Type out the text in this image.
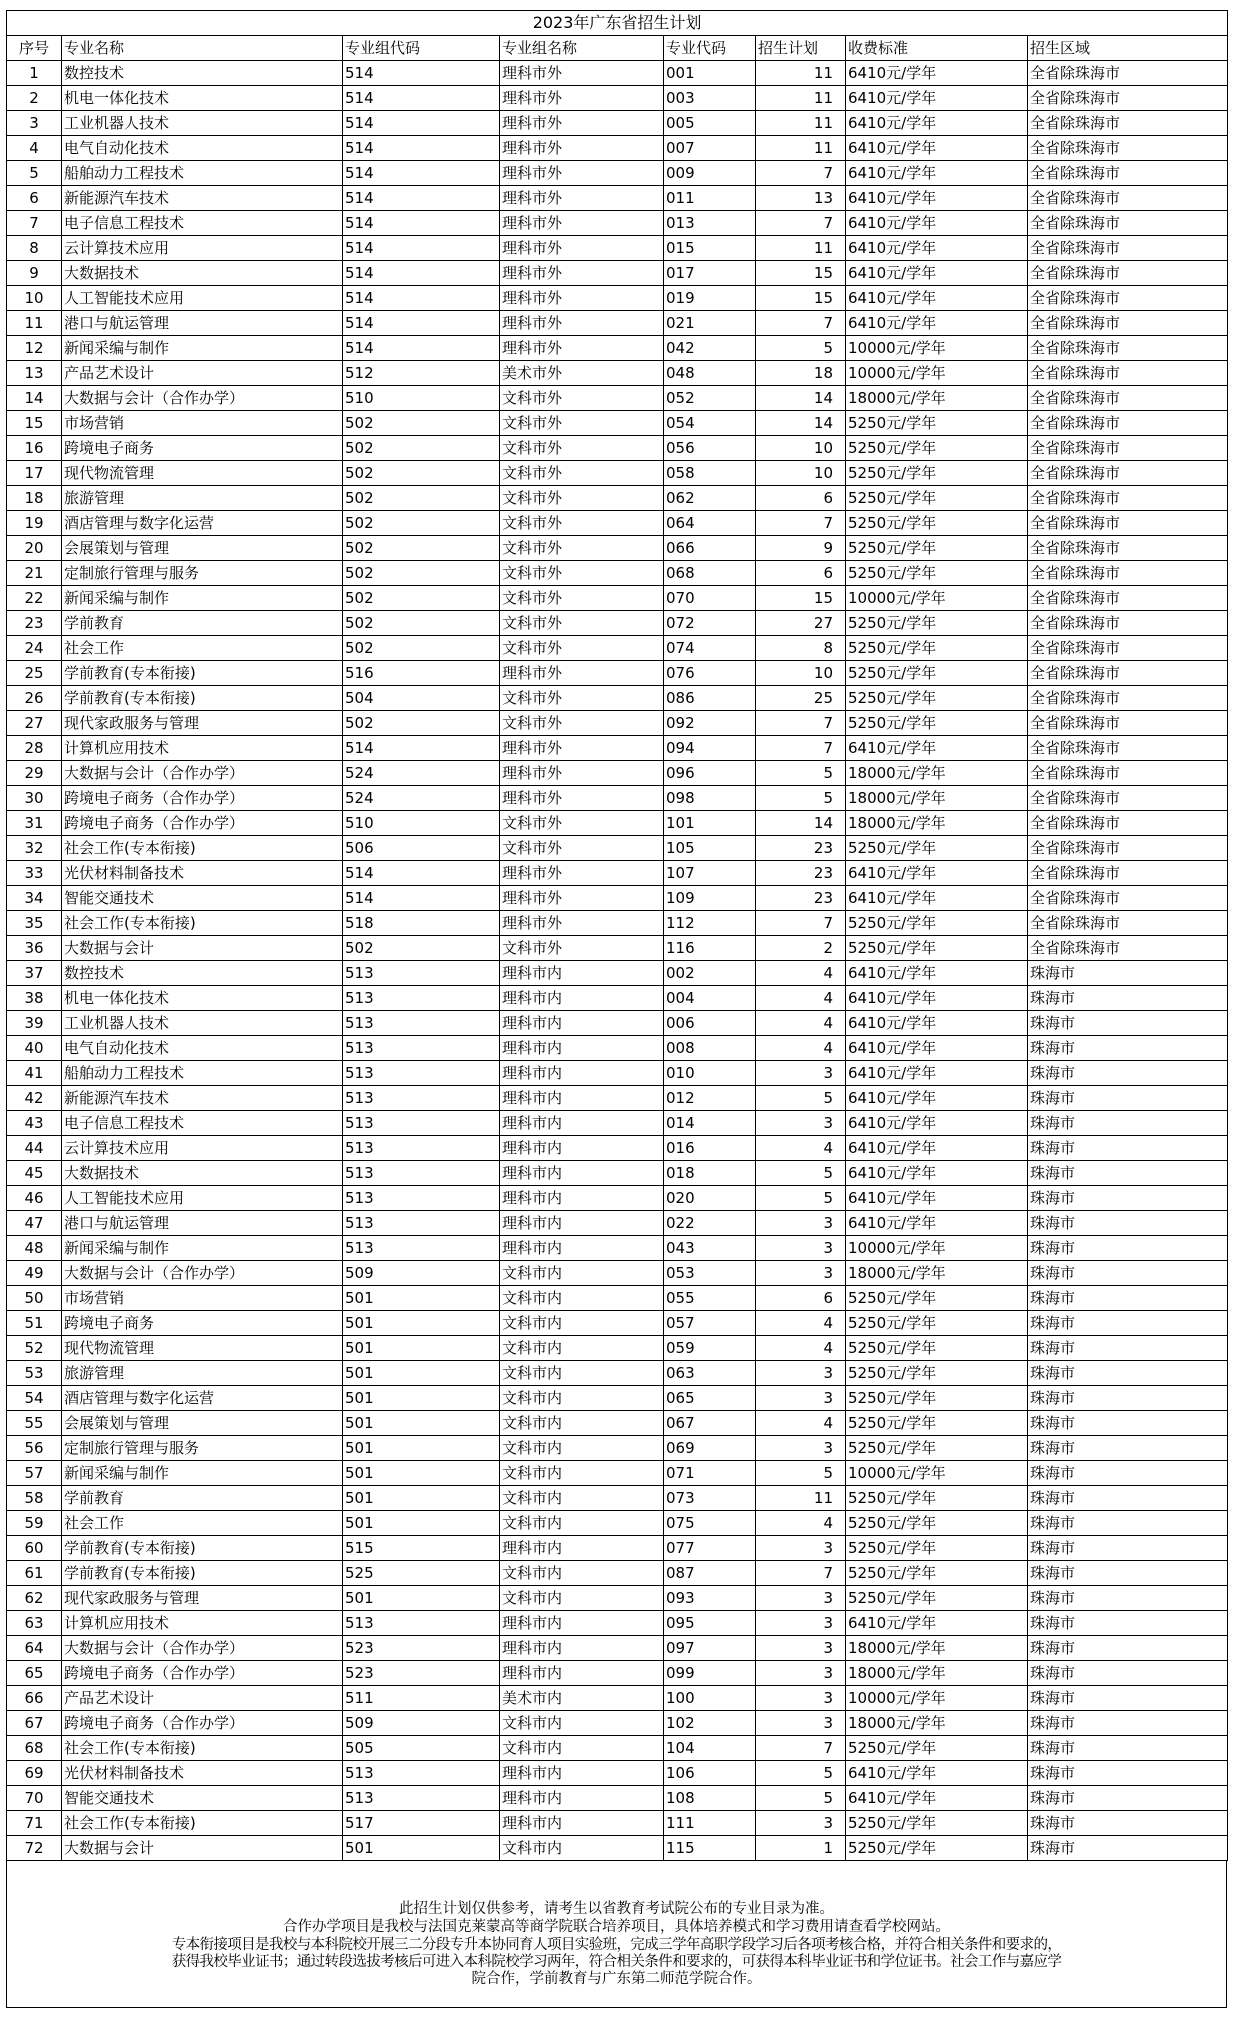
2023年广东省招生计划							
序号	专业名称	专业组代码	专业组名称	专业代码	招生计划	收费标准	招生区域
1	数控技术	514	理科市外	001	11	6410元/学年	全省除珠海市
2	机电一体化技术	514	理科市外	003	11	6410元/学年	全省除珠海市
3	工业机器人技术	514	理科市外	005	11	6410元/学年	全省除珠海市
4	电气自动化技术	514	理科市外	007	11	6410元/学年	全省除珠海市
5	船舶动力工程技术	514	理科市外	009	7	6410元/学年	全省除珠海市
6	新能源汽车技术	514	理科市外	011	13	6410元/学年	全省除珠海市
7	电子信息工程技术	514	理科市外	013	7	6410元/学年	全省除珠海市
8	云计算技术应用	514	理科市外	015	11	6410元/学年	全省除珠海市
9	大数据技术	514	理科市外	017	15	6410元/学年	全省除珠海市
10	人工智能技术应用	514	理科市外	019	15	6410元/学年	全省除珠海市
11	港口与航运管理	514	理科市外	021	7	6410元/学年	全省除珠海市
12	新闻采编与制作	514	理科市外	042	5	10000元/学年	全省除珠海市
13	产品艺术设计	512	美术市外	048	18	10000元/学年	全省除珠海市
14	大数据与会计（合作办学）	510	文科市外	052	14	18000元/学年	全省除珠海市
15	市场营销	502	文科市外	054	14	5250元/学年	全省除珠海市
16	跨境电子商务	502	文科市外	056	10	5250元/学年	全省除珠海市
17	现代物流管理	502	文科市外	058	10	5250元/学年	全省除珠海市
18	旅游管理	502	文科市外	062	6	5250元/学年	全省除珠海市
19	酒店管理与数字化运营	502	文科市外	064	7	5250元/学年	全省除珠海市
20	会展策划与管理	502	文科市外	066	9	5250元/学年	全省除珠海市
21	定制旅行管理与服务	502	文科市外	068	6	5250元/学年	全省除珠海市
22	新闻采编与制作	502	文科市外	070	15	10000元/学年	全省除珠海市
23	学前教育	502	文科市外	072	27	5250元/学年	全省除珠海市
24	社会工作	502	文科市外	074	8	5250元/学年	全省除珠海市
25	学前教育(专本衔接)	516	理科市外	076	10	5250元/学年	全省除珠海市
26	学前教育(专本衔接)	504	文科市外	086	25	5250元/学年	全省除珠海市
27	现代家政服务与管理	502	文科市外	092	7	5250元/学年	全省除珠海市
28	计算机应用技术	514	理科市外	094	7	6410元/学年	全省除珠海市
29	大数据与会计（合作办学）	524	理科市外	096	5	18000元/学年	全省除珠海市
30	跨境电子商务（合作办学）	524	理科市外	098	5	18000元/学年	全省除珠海市
31	跨境电子商务（合作办学）	510	文科市外	101	14	18000元/学年	全省除珠海市
32	社会工作(专本衔接)	506	文科市外	105	23	5250元/学年	全省除珠海市
33	光伏材料制备技术	514	理科市外	107	23	6410元/学年	全省除珠海市
34	智能交通技术	514	理科市外	109	23	6410元/学年	全省除珠海市
35	社会工作(专本衔接)	518	理科市外	112	7	5250元/学年	全省除珠海市
36	大数据与会计	502	文科市外	116	2	5250元/学年	全省除珠海市
37	数控技术	513	理科市内	002	4	6410元/学年	珠海市
38	机电一体化技术	513	理科市内	004	4	6410元/学年	珠海市
39	工业机器人技术	513	理科市内	006	4	6410元/学年	珠海市
40	电气自动化技术	513	理科市内	008	4	6410元/学年	珠海市
41	船舶动力工程技术	513	理科市内	010	3	6410元/学年	珠海市
42	新能源汽车技术	513	理科市内	012	5	6410元/学年	珠海市
43	电子信息工程技术	513	理科市内	014	3	6410元/学年	珠海市
44	云计算技术应用	513	理科市内	016	4	6410元/学年	珠海市
45	大数据技术	513	理科市内	018	5	6410元/学年	珠海市
46	人工智能技术应用	513	理科市内	020	5	6410元/学年	珠海市
47	港口与航运管理	513	理科市内	022	3	6410元/学年	珠海市
48	新闻采编与制作	513	理科市内	043	3	10000元/学年	珠海市
49	大数据与会计（合作办学）	509	文科市内	053	3	18000元/学年	珠海市
50	市场营销	501	文科市内	055	6	5250元/学年	珠海市
51	跨境电子商务	501	文科市内	057	4	5250元/学年	珠海市
52	现代物流管理	501	文科市内	059	4	5250元/学年	珠海市
53	旅游管理	501	文科市内	063	3	5250元/学年	珠海市
54	酒店管理与数字化运营	501	文科市内	065	3	5250元/学年	珠海市
55	会展策划与管理	501	文科市内	067	4	5250元/学年	珠海市
56	定制旅行管理与服务	501	文科市内	069	3	5250元/学年	珠海市
57	新闻采编与制作	501	文科市内	071	5	10000元/学年	珠海市
58	学前教育	501	文科市内	073	11	5250元/学年	珠海市
59	社会工作	501	文科市内	075	4	5250元/学年	珠海市
60	学前教育(专本衔接)	515	理科市内	077	3	5250元/学年	珠海市
61	学前教育(专本衔接)	525	文科市内	087	7	5250元/学年	珠海市
62	现代家政服务与管理	501	文科市内	093	3	5250元/学年	珠海市
63	计算机应用技术	513	理科市内	095	3	6410元/学年	珠海市
64	大数据与会计（合作办学）	523	理科市内	097	3	18000元/学年	珠海市
65	跨境电子商务（合作办学）	523	理科市内	099	3	18000元/学年	珠海市
66	产品艺术设计	511	美术市内	100	3	10000元/学年	珠海市
67	跨境电子商务（合作办学）	509	文科市内	102	3	18000元/学年	珠海市
68	社会工作(专本衔接)	505	文科市内	104	7	5250元/学年	珠海市
69	光伏材料制备技术	513	理科市内	106	5	6410元/学年	珠海市
70	智能交通技术	513	理科市内	108	5	6410元/学年	珠海市
71	社会工作(专本衔接)	517	理科市内	111	3	5250元/学年	珠海市
72	大数据与会计	501	文科市内	115	1	5250元/学年	珠海市
此招生计划仅供参考，请考生以省教育考试院公布的专业目录为准。
合作办学项目是我校与法国克莱蒙高等商学院联合培养项目，具体培养模式和学习费用请查看学校网站。
专本衔接项目是我校与本科院校开展三二分段专升本协同育人项目实验班，完成三学年高职学段学习后各项考核合格，并符合相关条件和要求的，
获得我校毕业证书；通过转段选拔考核后可进入本科院校学习两年，符合相关条件和要求的，可获得本科毕业证书和学位证书。社会工作与嘉应学
院合作，学前教育与广东第二师范学院合作。
